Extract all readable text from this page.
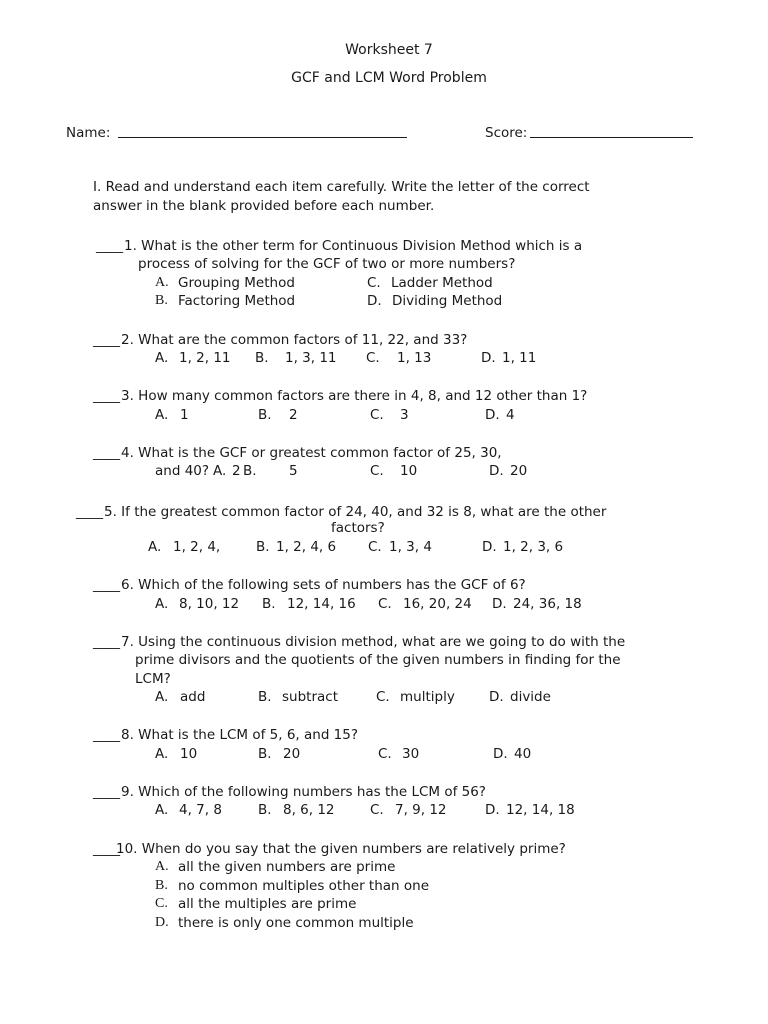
Worksheet 7
GCF and LCM Word Problem
Name:	Score:
I. Read and understand each item carefully. Write the letter of the correct
answer in the blank provided before each number.
____ 1. What is the other term for Continuous Division Method which is a
process of solving for the GCF of two or more numbers?
A. Grouping Method
B. Factoring Method
C. Ladder Method
D. Dividing Method
____ 2. What are the common factors of 11, 22, and 33?
A. 1, 2, 11 B. 1, 3, 11 C. 1, 13	D. 1, 11
____ 3. How many common factors are there in 4, 8, and 12 other than 1?
A. 1	B. 2	C. 3	D. 4
____ 4. What is the GCF or greatest common factor of 25, 30,
and 40? A. 2 B. 5	C. 10	D. 20
____ 5. If the greatest common factor of 24, 40, and 32 is 8, what are the other
factors?
A. 1, 2, 4,	B. 1, 2, 4, 6 C. 1, 3, 4	D. 1, 2, 3, 6
____ 6. Which of the following sets of numbers has the GCF of 6?
A. 8, 10, 12 B. 12, 14, 16 C. 16, 20, 24 D. 24, 36, 18
____ 7. Using the continuous division method, what are we going to do with the
prime divisors and the quotients of the given numbers in finding for the
LCM?
A. add	B. subtract	C. multiply	D. divide
____ 8. What is the LCM of 5, 6, and 15?
A. 10	B. 20	C. 30	D. 40
____ 9. Which of the following numbers has the LCM of 56?
A. 4, 7, 8	B. 8, 6, 12	C. 7, 9, 12	D. 12, 14, 18
____
10. When do you say that the given numbers are relatively prime?
A. all the given numbers are prime
B. no common multiples other than one
C. all the multiples are prime
D. there is only one common multiple
